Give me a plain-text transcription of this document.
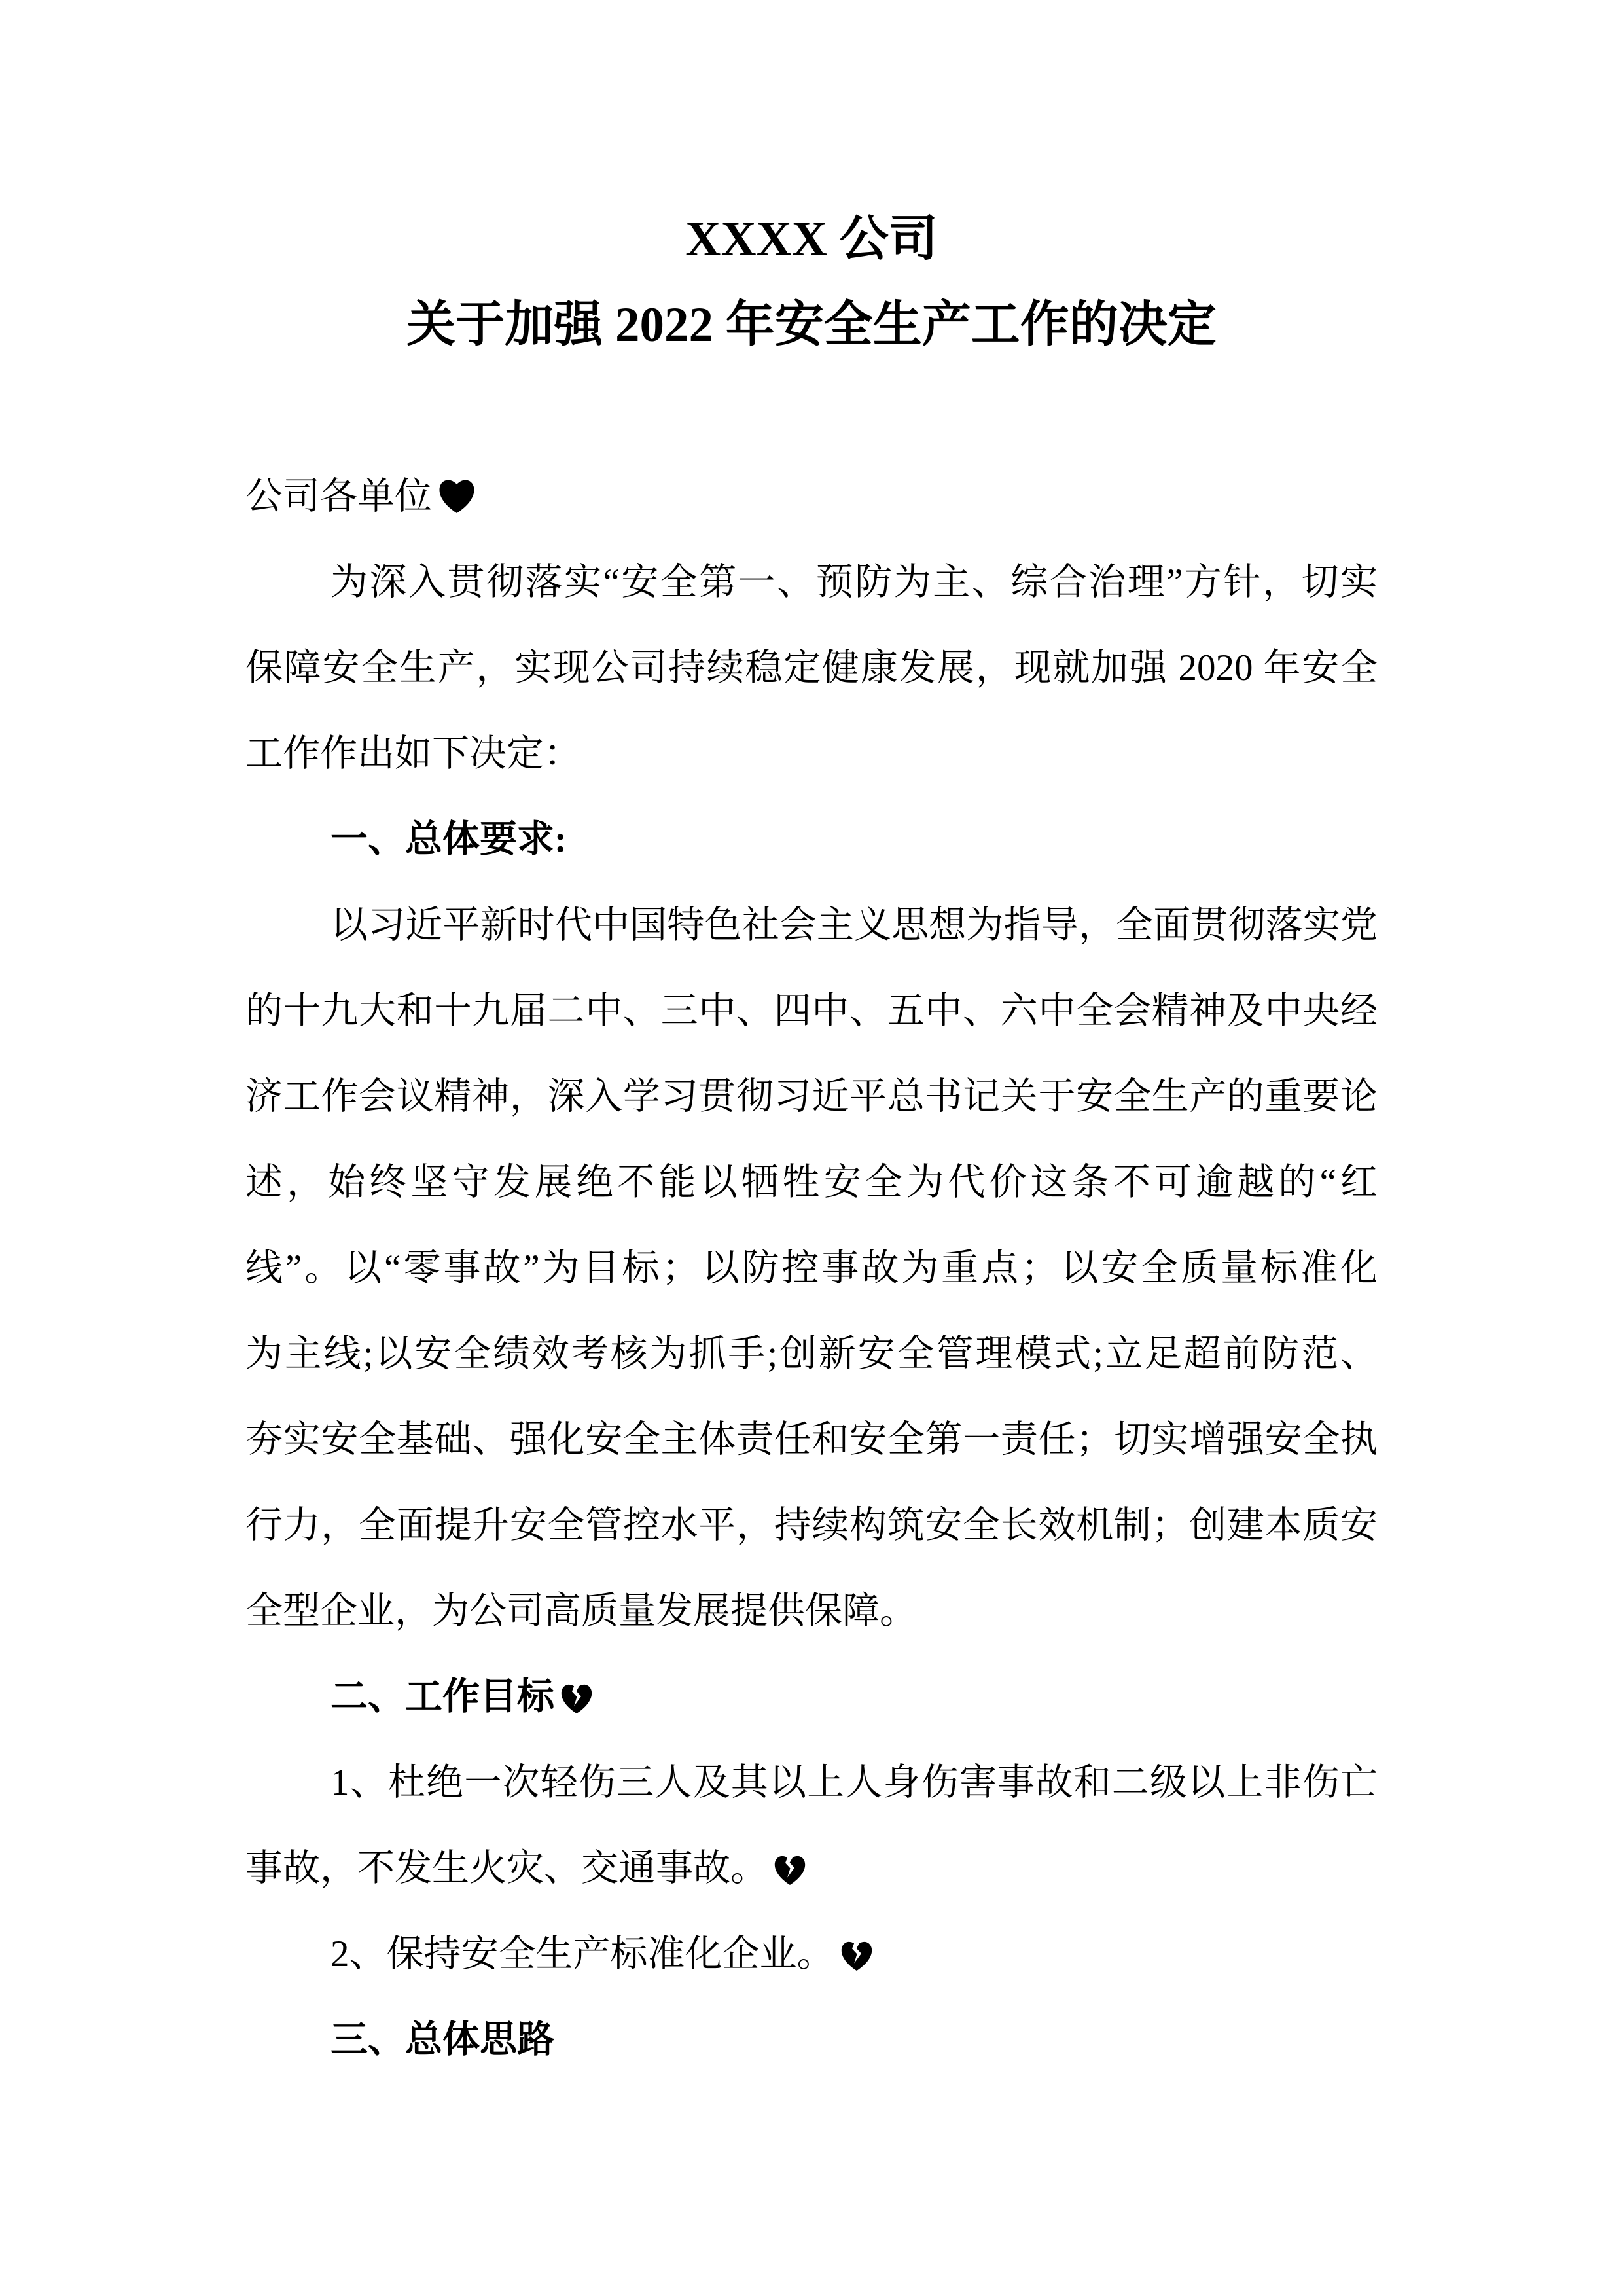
XXXX 公司
关于加强 2022 年安全生产工作的决定
公司各单位
为深入贯彻落实“安全第一、预防为主、综合治理”方针，切实
保障安全生产，实现公司持续稳定健康发展，现就加强 2020 年安全
工作作出如下决定：
一、总体要求:
以习近平新时代中国特色社会主义思想为指导，全面贯彻落实党
的十九大和十九届二中、三中、四中、五中、六中全会精神及中央经
济工作会议精神，深入学习贯彻习近平总书记关于安全生产的重要论
述，始终坚守发展绝不能以牺牲安全为代价这条不可逾越的“红
线”。以“零事故”为目标；以防控事故为重点；以安全质量标准化
为主线;以安全绩效考核为抓手;创新安全管理模式;立足超前防范、
夯实安全基础、强化安全主体责任和安全第一责任；切实增强安全执
行力，全面提升安全管控水平，持续构筑安全长效机制；创建本质安
全型企业，为公司高质量发展提供保障。
二、工作目标
1、杜绝一次轻伤三人及其以上人身伤害事故和二级以上非伤亡
事故，不发生火灾、交通事故。
2、保持安全生产标准化企业。
三、总体思路
